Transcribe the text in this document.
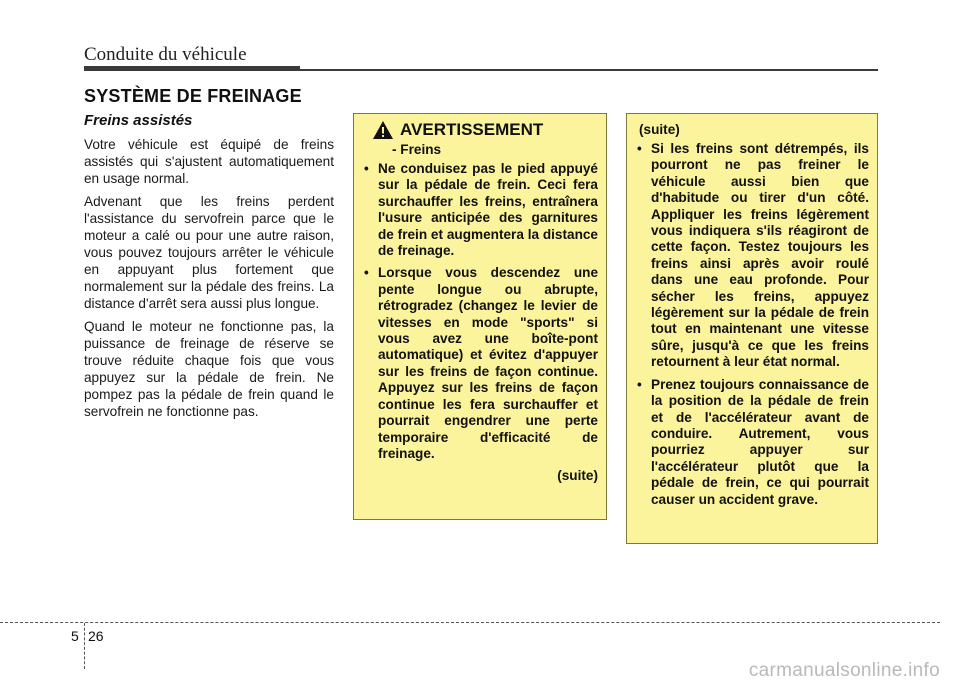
Conduite du véhicule
SYSTÈME DE FREINAGE
Freins assistés

Votre véhicule est équipé de freins assistés qui s'ajustent automatiquement en usage normal.

Advenant que les freins perdent l'assistance du servofrein parce que le moteur a calé ou pour une autre raison, vous pouvez toujours arrêter le véhicule en appuyant plus fortement que normalement sur la pédale des freins. La distance d'arrêt sera aussi plus longue.

Quand le moteur ne fonctionne pas, la puissance de freinage de réserve se trouve réduite chaque fois que vous appuyez sur la pédale de frein. Ne pompez pas la pédale de frein quand le servofrein ne fonctionne pas.

AVERTISSEMENT
- Freins
• Ne conduisez pas le pied appuyé sur la pédale de frein. Ceci fera surchauffer les freins, entraînera l'usure anticipée des garnitures de frein et augmentera la distance de freinage.
• Lorsque vous descendez une pente longue ou abrupte, rétrogradez (changez le levier de vitesses en mode "sports" si vous avez une boîte-pont automatique) et évitez d'appuyer sur les freins de façon continue. Appuyez sur les freins de façon continue les fera surchauffer et pourrait engendrer une perte temporaire d'efficacité de freinage.
(suite)
(suite)
• Si les freins sont détrempés, ils pourront ne pas freiner le véhicule aussi bien que d'habitude ou tirer d'un côté. Appliquer les freins légèrement vous indiquera s'ils réagiront de cette façon. Testez toujours les freins ainsi après avoir roulé dans une eau profonde. Pour sécher les freins, appuyez légèrement sur la pédale de frein tout en maintenant une vitesse sûre, jusqu'à ce que les freins retournent à leur état normal.
• Prenez toujours connaissance de la position de la pédale de frein et de l'accélérateur avant de conduire. Autrement, vous pourriez appuyer sur l'accélérateur plutôt que la pédale de frein, ce qui pourrait causer un accident grave.
5 26
carmanualsonline.info
